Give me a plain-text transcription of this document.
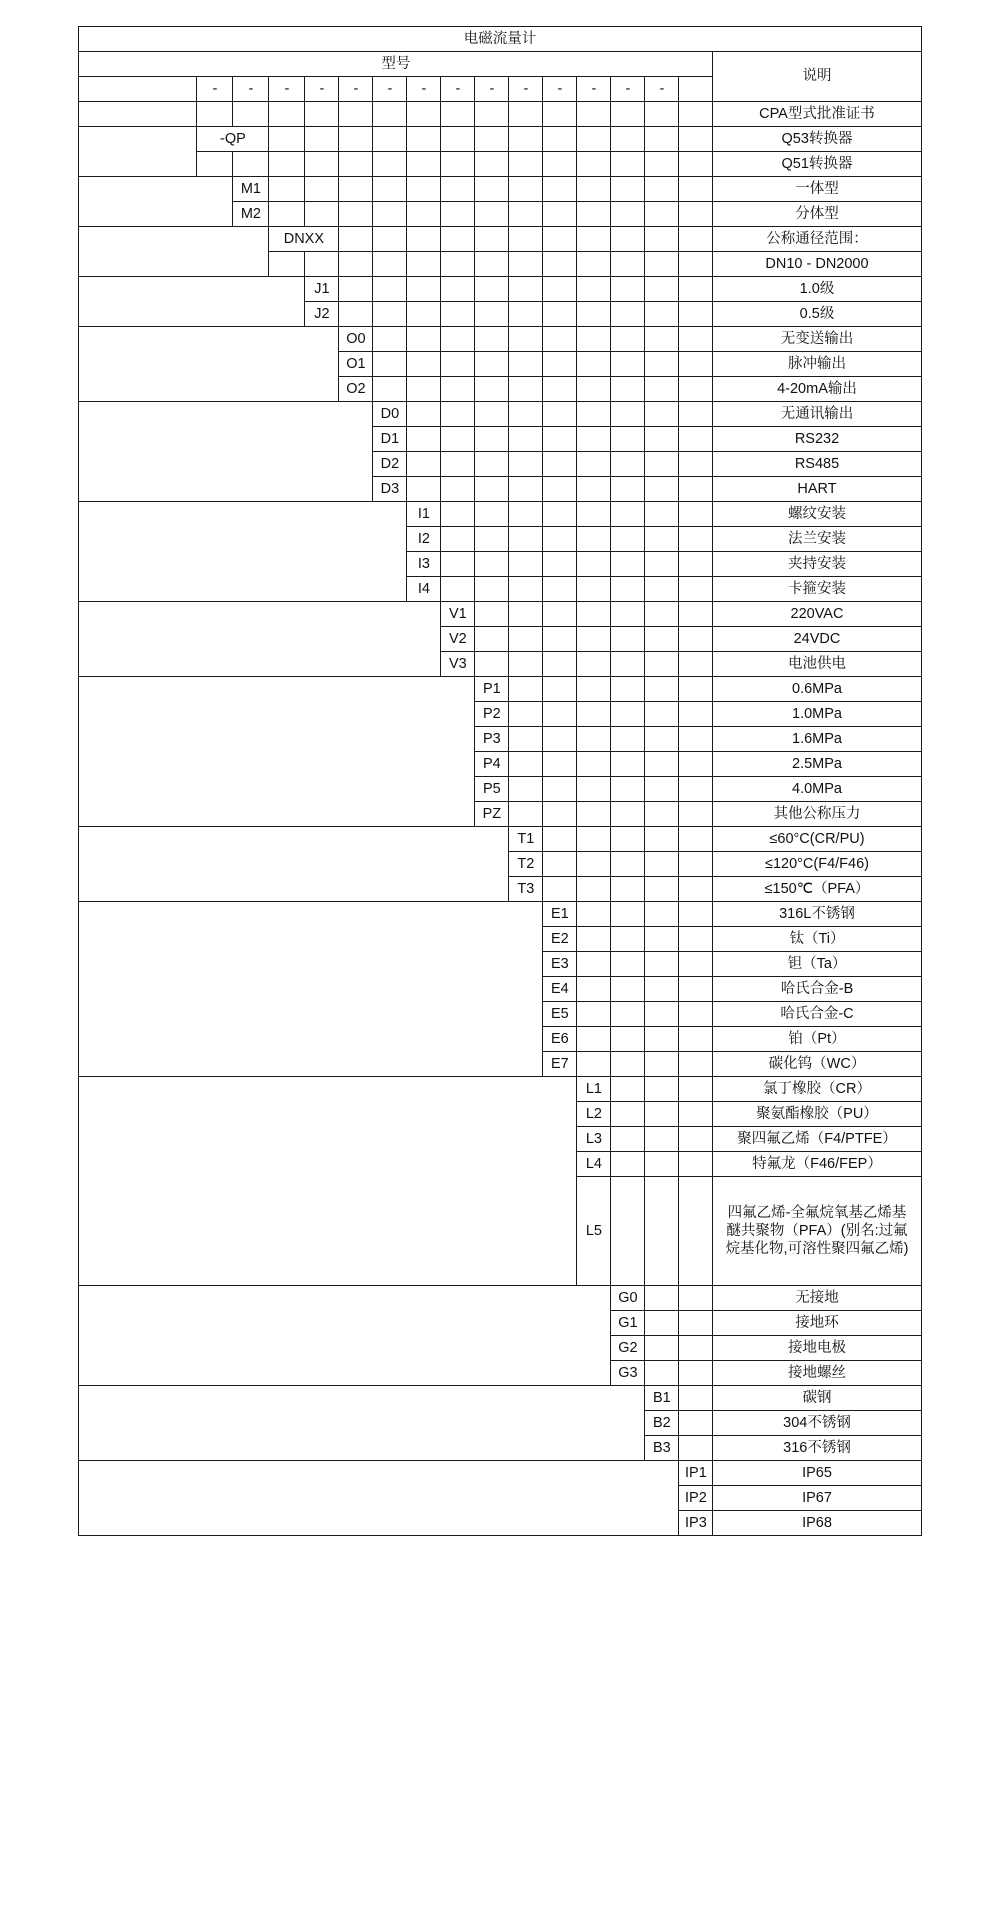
电磁流量计																
型号																说明
	-	-	-	-	-	-	-	-	-	-	-	-	-	-		
LDG-SUP																CPA型式批准证书
转换器类型	-QP															Q53转换器
																Q51转换器
仪表类型		M1														一体型
		M2														分体型
公称通径			DNXX													公称通径范围：
																DN10 - DN2000
精度等级				J1												1.0级
				J2												0.5级
变送输出类型					O0											无变送输出
					O1											脉冲输出
					O2											4-20mA输出
通讯输出类型						D0										无通讯输出
						D1										RS232
						D2										RS485
						D3										HART
安装方式							I1									螺纹安装
							I2									法兰安装
							I3									夹持安装
							I4									卡箍安装
供电电源								V1								220VAC
								V2								24VDC
								V3								电池供电
公称压力									P1							0.6MPa
									P2							1.0MPa
									P3							1.6MPa
									P4							2.5MPa
									P5							4.0MPa
									PZ							其他公称压力
耐温等级										T1						≤60°C(CR/PU)
										T2						≤120°C(F4/F46)
										T3						≤150℃（PFA）
电极材料											E1					316L不锈钢
											E2					钛（Ti）
											E3					钽（Ta）
											E4					哈氏合金-B
											E5					哈氏合金-C
											E6					铂（Pt）
											E7					碳化钨（WC）
衬里材料												L1				氯丁橡胶（CR）
												L2				聚氨酯橡胶（PU）
												L3				聚四氟乙烯（F4/PTFE）
												L4				特氟龙（F46/FEP）
												L5				四氟乙烯-全氟烷氧基乙烯基醚共聚物（PFA）(别名:过氟烷基化物,可溶性聚四氟乙烯)
接地类型													G0			无接地
													G1			接地环
													G2			接地电极
													G3			接地螺丝
本体材质														B1		碳钢
														B2		304不锈钢
														B3		316不锈钢
防护等级															IP1	IP65
															IP2	IP67
															IP3	IP68
